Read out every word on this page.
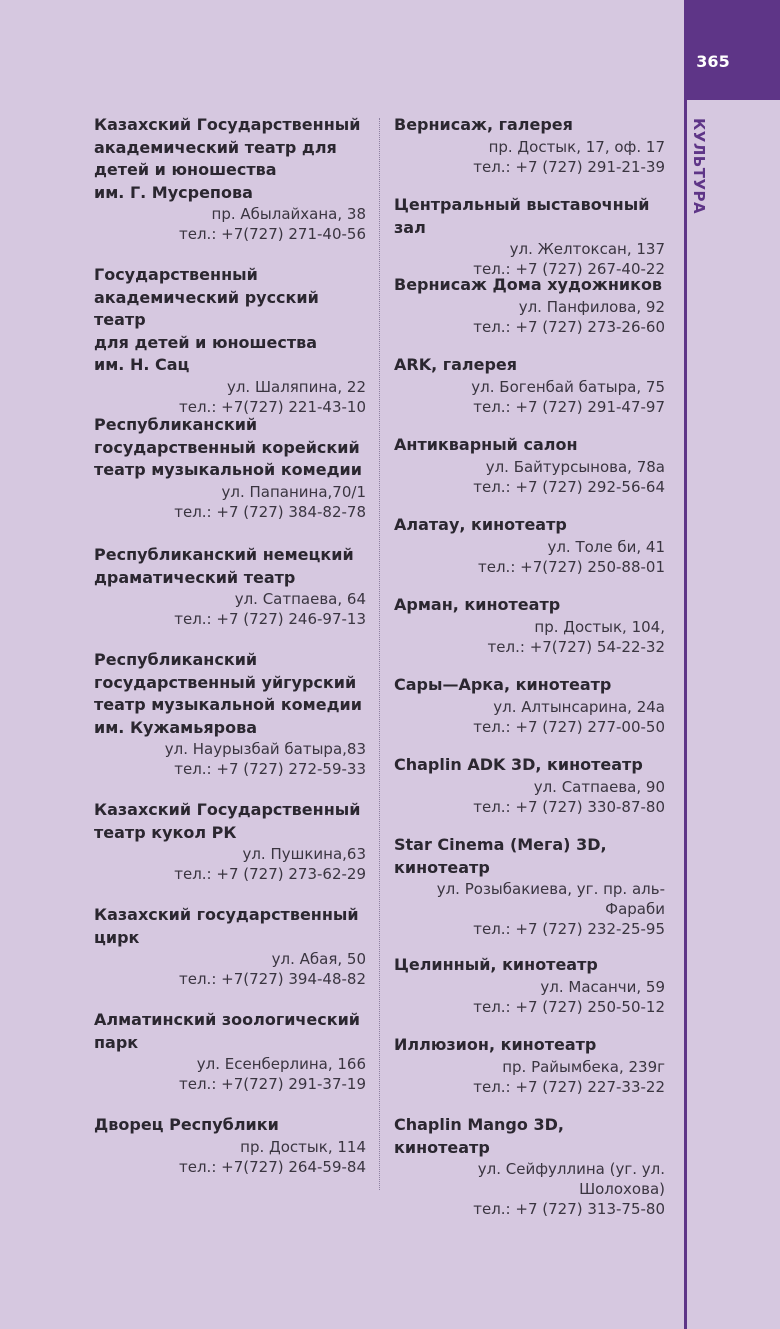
365
КУЛЬТУРА
Казахский Государственный
академический театр для
детей и юношества
им. Г. Мусрепова
пр. Абылайхана, 38
тел.: +7(727) 271-40-56
Государственный
академический русский театр
для детей и юношества
им. Н. Сац
ул. Шаляпина, 22
тел.: +7(727) 221-43-10
Республиканский
государственный корейский
театр музыкальной комедии
ул. Папанина,70/1
тел.: +7 (727) 384-82-78
Республиканский немецкий
драматический театр
ул. Сатпаева, 64
тел.: +7 (727) 246-97-13
Республиканский
государственный уйгурский
театр музыкальной комедии
им. Кужамьярова
ул. Наурызбай батыра,83
тел.: +7 (727) 272-59-33
Казахский Государственный
театр кукол РК
ул. Пушкина,63
тел.: +7 (727) 273-62-29
Казахский государственный
цирк
ул. Абая, 50
тел.: +7(727) 394-48-82
Алматинский зоологический
парк
ул. Есенберлина, 166
тел.: +7(727) 291-37-19
Дворец Республики
пр. Достык, 114
тел.: +7(727) 264-59-84
Вернисаж, галерея
пр. Достык, 17, оф. 17
тел.: +7 (727) 291-21-39
Центральный выставочный зал
ул. Желтоксан, 137
тел.: +7 (727) 267-40-22
Вернисаж Дома художников
ул. Панфилова, 92
тел.: +7 (727) 273-26-60
ARK, галерея
ул. Богенбай батыра, 75
тел.: +7 (727) 291-47-97
Антикварный салон
ул. Байтурсынова, 78а
тел.: +7 (727) 292-56-64
Алатау, кинотеатр
ул. Толе би, 41
тел.: +7(727) 250-88-01
Арман, кинотеатр
пр. Достык, 104,
тел.: +7(727) 54-22-32
Сары—Арка, кинотеатр
ул. Алтынсарина, 24а
тел.: +7 (727) 277-00-50
Chaplin ADK 3D, кинотеатр
ул. Сатпаева, 90
тел.: +7 (727) 330-87-80
Star Cinema (Мега) 3D,
кинотеатр
ул. Розыбакиева, уг. пр. аль-
Фараби
тел.: +7 (727) 232-25-95
Целинный, кинотеатр
ул. Масанчи, 59
тел.: +7 (727) 250-50-12
Иллюзион, кинотеатр
пр. Райымбека, 239г
тел.: +7 (727) 227-33-22
Chaplin Mango 3D, кинотеатр
ул. Сейфуллина (уг. ул.
Шолохова)
тел.: +7 (727) 313-75-80
